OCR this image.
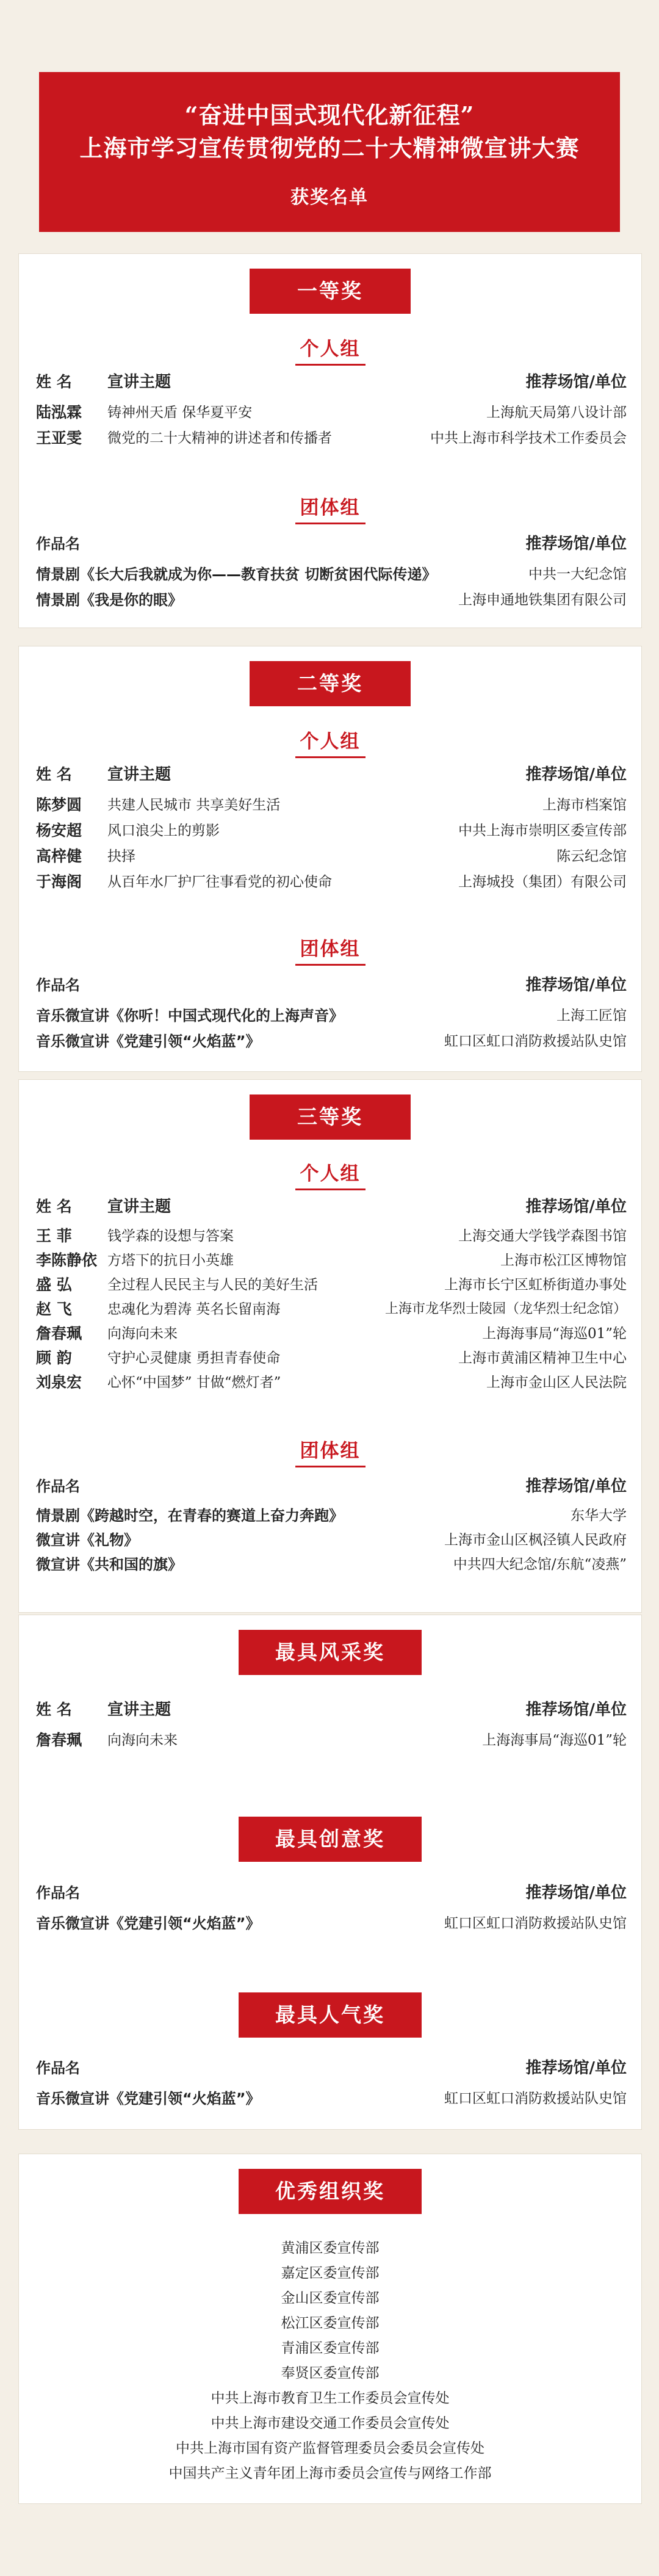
“奋进中国式现代化新征程”
上海市学习宣传贯彻党的二十大精神微宣讲大赛
获奖名单
一等奖
个人组
姓 名 宣讲主题	推荐场馆/单位
陆泓霖 铸神州天盾 保华夏平安	上海航天局第八设计部
王亚雯 微党的二十大精神的讲述者和传播者	中共上海市科学技术工作委员会
团体组
作品名	推荐场馆/单位
情景剧《长大后我就成为你——教育扶贫 切断贫困代际传递》	中共一大纪念馆
情景剧《我是你的眼》	上海申通地铁集团有限公司
二等奖
个人组
姓 名 宣讲主题	推荐场馆/单位
陈梦圆 共建人民城市 共享美好生活	上海市档案馆
杨安超 风口浪尖上的剪影	中共上海市崇明区委宣传部
高梓健 抉择	陈云纪念馆
于海阁 从百年水厂护厂往事看党的初心使命	上海城投（集团）有限公司
团体组
作品名	推荐场馆/单位
音乐微宣讲《你听！中国式现代化的上海声音》	上海工匠馆
音乐微宣讲《党建引领“火焰蓝”》	虹口区虹口消防救援站队史馆
三等奖
个人组
姓 名 宣讲主题	推荐场馆/单位
王 菲	钱学森的设想与答案	上海交通大学钱学森图书馆
李陈静依 方塔下的抗日小英雄	上海市松江区博物馆
盛 弘	全过程人民民主与人民的美好生活	上海市长宁区虹桥街道办事处
赵 飞	忠魂化为碧涛 英名长留南海	上海市龙华烈士陵园（龙华烈士纪念馆）
詹春珮 向海向未来	上海海事局“海巡01”轮
顾 韵	守护心灵健康 勇担青春使命	上海市黄浦区精神卫生中心
刘泉宏 心怀“中国梦” 甘做“燃灯者”	上海市金山区人民法院
团体组
作品名	推荐场馆/单位
情景剧《跨越时空，在青春的赛道上奋力奔跑》	东华大学
微宣讲《礼物》	上海市金山区枫泾镇人民政府
微宣讲《共和国的旗》	中共四大纪念馆/东航“凌燕”
最具风采奖
姓 名 宣讲主题	推荐场馆/单位
詹春珮 向海向未来	上海海事局“海巡01”轮
最具创意奖
作品名	推荐场馆/单位
音乐微宣讲《党建引领“火焰蓝”》	虹口区虹口消防救援站队史馆
最具人气奖
作品名	推荐场馆/单位
音乐微宣讲《党建引领“火焰蓝”》	虹口区虹口消防救援站队史馆
优秀组织奖
黄浦区委宣传部
嘉定区委宣传部
金山区委宣传部
松江区委宣传部
青浦区委宣传部
奉贤区委宣传部
中共上海市教育卫生工作委员会宣传处
中共上海市建设交通工作委员会宣传处
中共上海市国有资产监督管理委员会委员会宣传处
中国共产主义青年团上海市委员会宣传与网络工作部
